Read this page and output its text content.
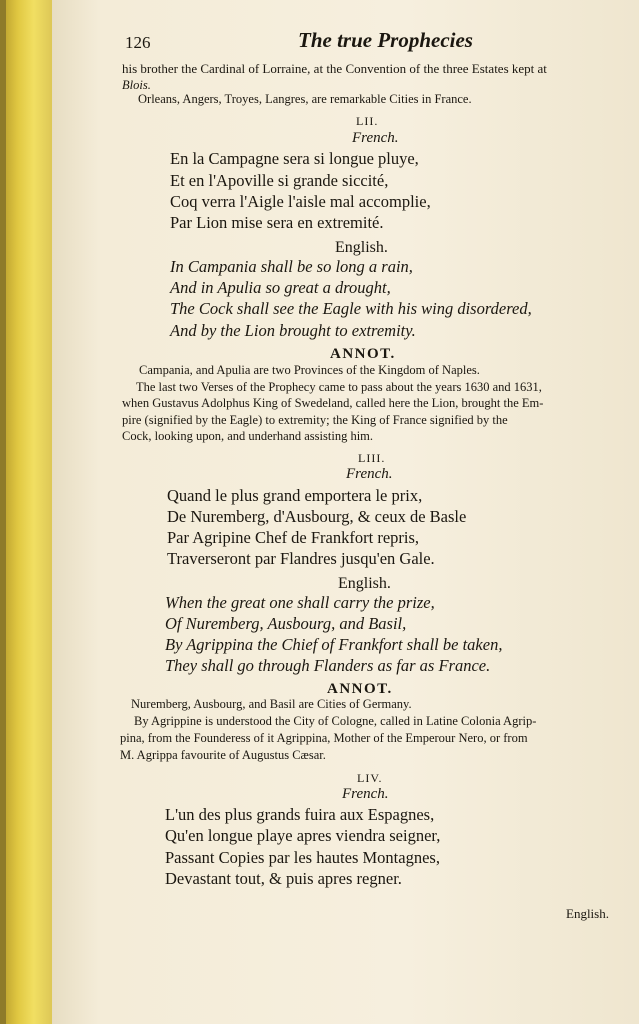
126	The true Prophecies
his brother the Cardinal of Lorraine, at the Convention of the three Estates kept at
Blois.
Orleans, Angers, Troyes, Langres, are remarkable Cities in France.
LII.
French.
En la Campagne sera si longue pluye,
Et en l'Apoville si grande siccité,
Coq verra l'Aigle l'aisle mal accomplie,
Par Lion mise sera en extremité.
English.
In Campania shall be so long a rain,
And in Apulia so great a drought,
The Cock shall see the Eagle with his wing disordered,
And by the Lion brought to extremity.
ANNOT.
Campania, and Apulia are two Provinces of the Kingdom of Naples.
The last two Verses of the Prophecy came to pass about the years 1630 and 1631,
when Gustavus Adolphus King of Swedeland, called here the Lion, brought the Em-
pire (signified by the Eagle) to extremity; the King of France signified by the
Cock, looking upon, and underhand assisting him.
LIII.
French.
Quand le plus grand emportera le prix,
De Nuremberg, d'Ausbourg, & ceux de Basle
Par Agripine Chef de Frankfort repris,
Traverseront par Flandres jusqu'en Gale.
English.
When the great one shall carry the prize,
Of Nuremberg, Ausbourg, and Basil,
By Agrippina the Chief of Frankfort shall be taken,
They shall go through Flanders as far as France.
ANNOT.
Nuremberg, Ausbourg, and Basil are Cities of Germany.
By Agrippine is understood the City of Cologne, called in Latine Colonia Agrip-
pina, from the Founderess of it Agrippina, Mother of the Emperour Nero, or from
M. Agrippa favourite of Augustus Cæsar.
LIV.
French.
L'un des plus grands fuira aux Espagnes,
Qu'en longue playe apres viendra seigner,
Passant Copies par les hautes Montagnes,
Devastant tout, & puis apres regner.
English.
